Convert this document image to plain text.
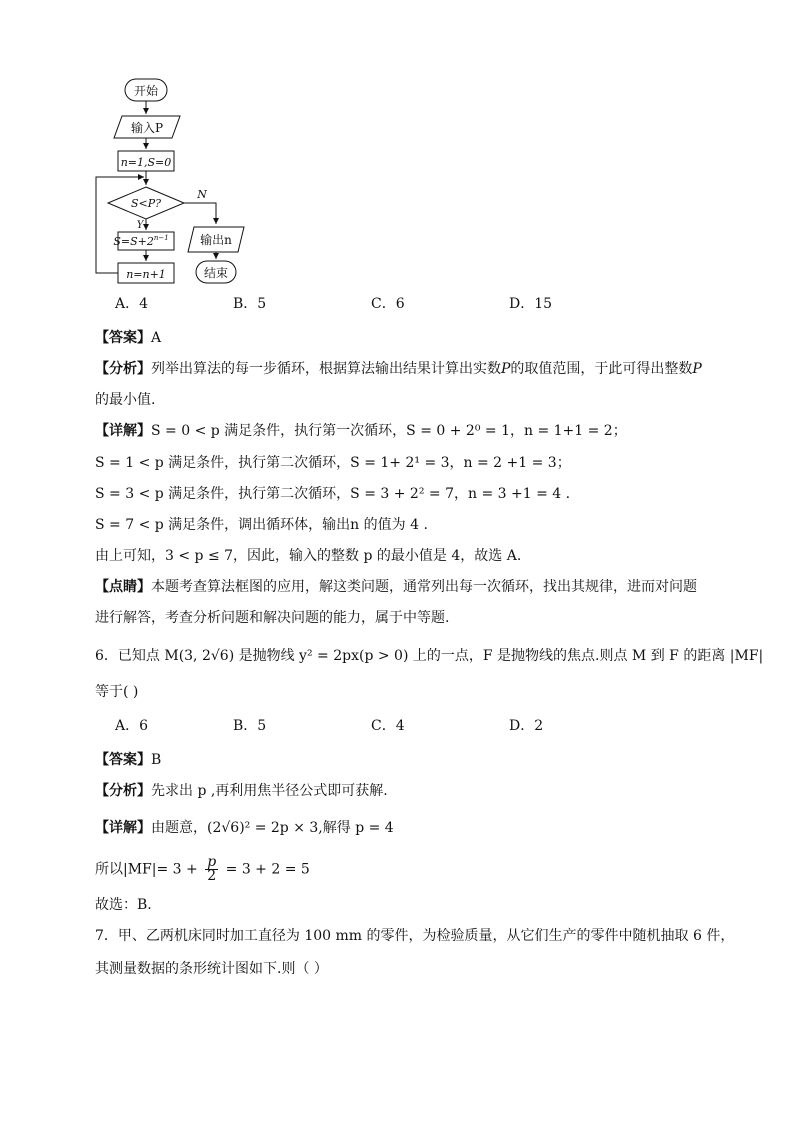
开始
输入P
n=1,S=0
S<P?
Y
N
$S=S+2^{n-1}$
n=n+1
输出n
结束
A．4	B．5	C．6	D．15
【答案】A
【分析】列举出算法的每一步循环，根据算法输出结果计算出实数P的取值范围，于此可得出整数P
的最小值.
【详解】S = 0 < p 满足条件，执行第一次循环，S = 0 + 2⁰ = 1，n = 1+1 = 2；
S = 1 < p 满足条件，执行第二次循环，S = 1+ 2¹ = 3，n = 2 +1 = 3；
S = 3 < p 满足条件，执行第二次循环，S = 3 + 2² = 7，n = 3 +1 = 4 .
S = 7 < p 满足条件，调出循环体，输出n 的值为 4 .
由上可知，3 < p ≤ 7，因此，输入的整数 p 的最小值是 4，故选 A.
【点睛】本题考查算法框图的应用，解这类问题，通常列出每一次循环，找出其规律，进而对问题
进行解答，考查分析问题和解决问题的能力，属于中等题.
6．已知点 M(3, 2√6) 是抛物线 y² = 2px(p > 0) 上的一点，F 是抛物线的焦点.则点 M 到 F 的距离 |MF|
等于( )
A．6	B．5	C．4	D．2
【答案】B
【分析】先求出 p ,再利用焦半径公式即可获解.
【详解】由题意，(2√6)² = 2p × 3,解得 p = 4
所以$|MF|= 3 + \frac{p}{2} = 3 + 2 = 5$
故选：B.
7．甲、乙两机床同时加工直径为 100 mm 的零件，为检验质量，从它们生产的零件中随机抽取 6 件，
其测量数据的条形统计图如下.则（ ）
